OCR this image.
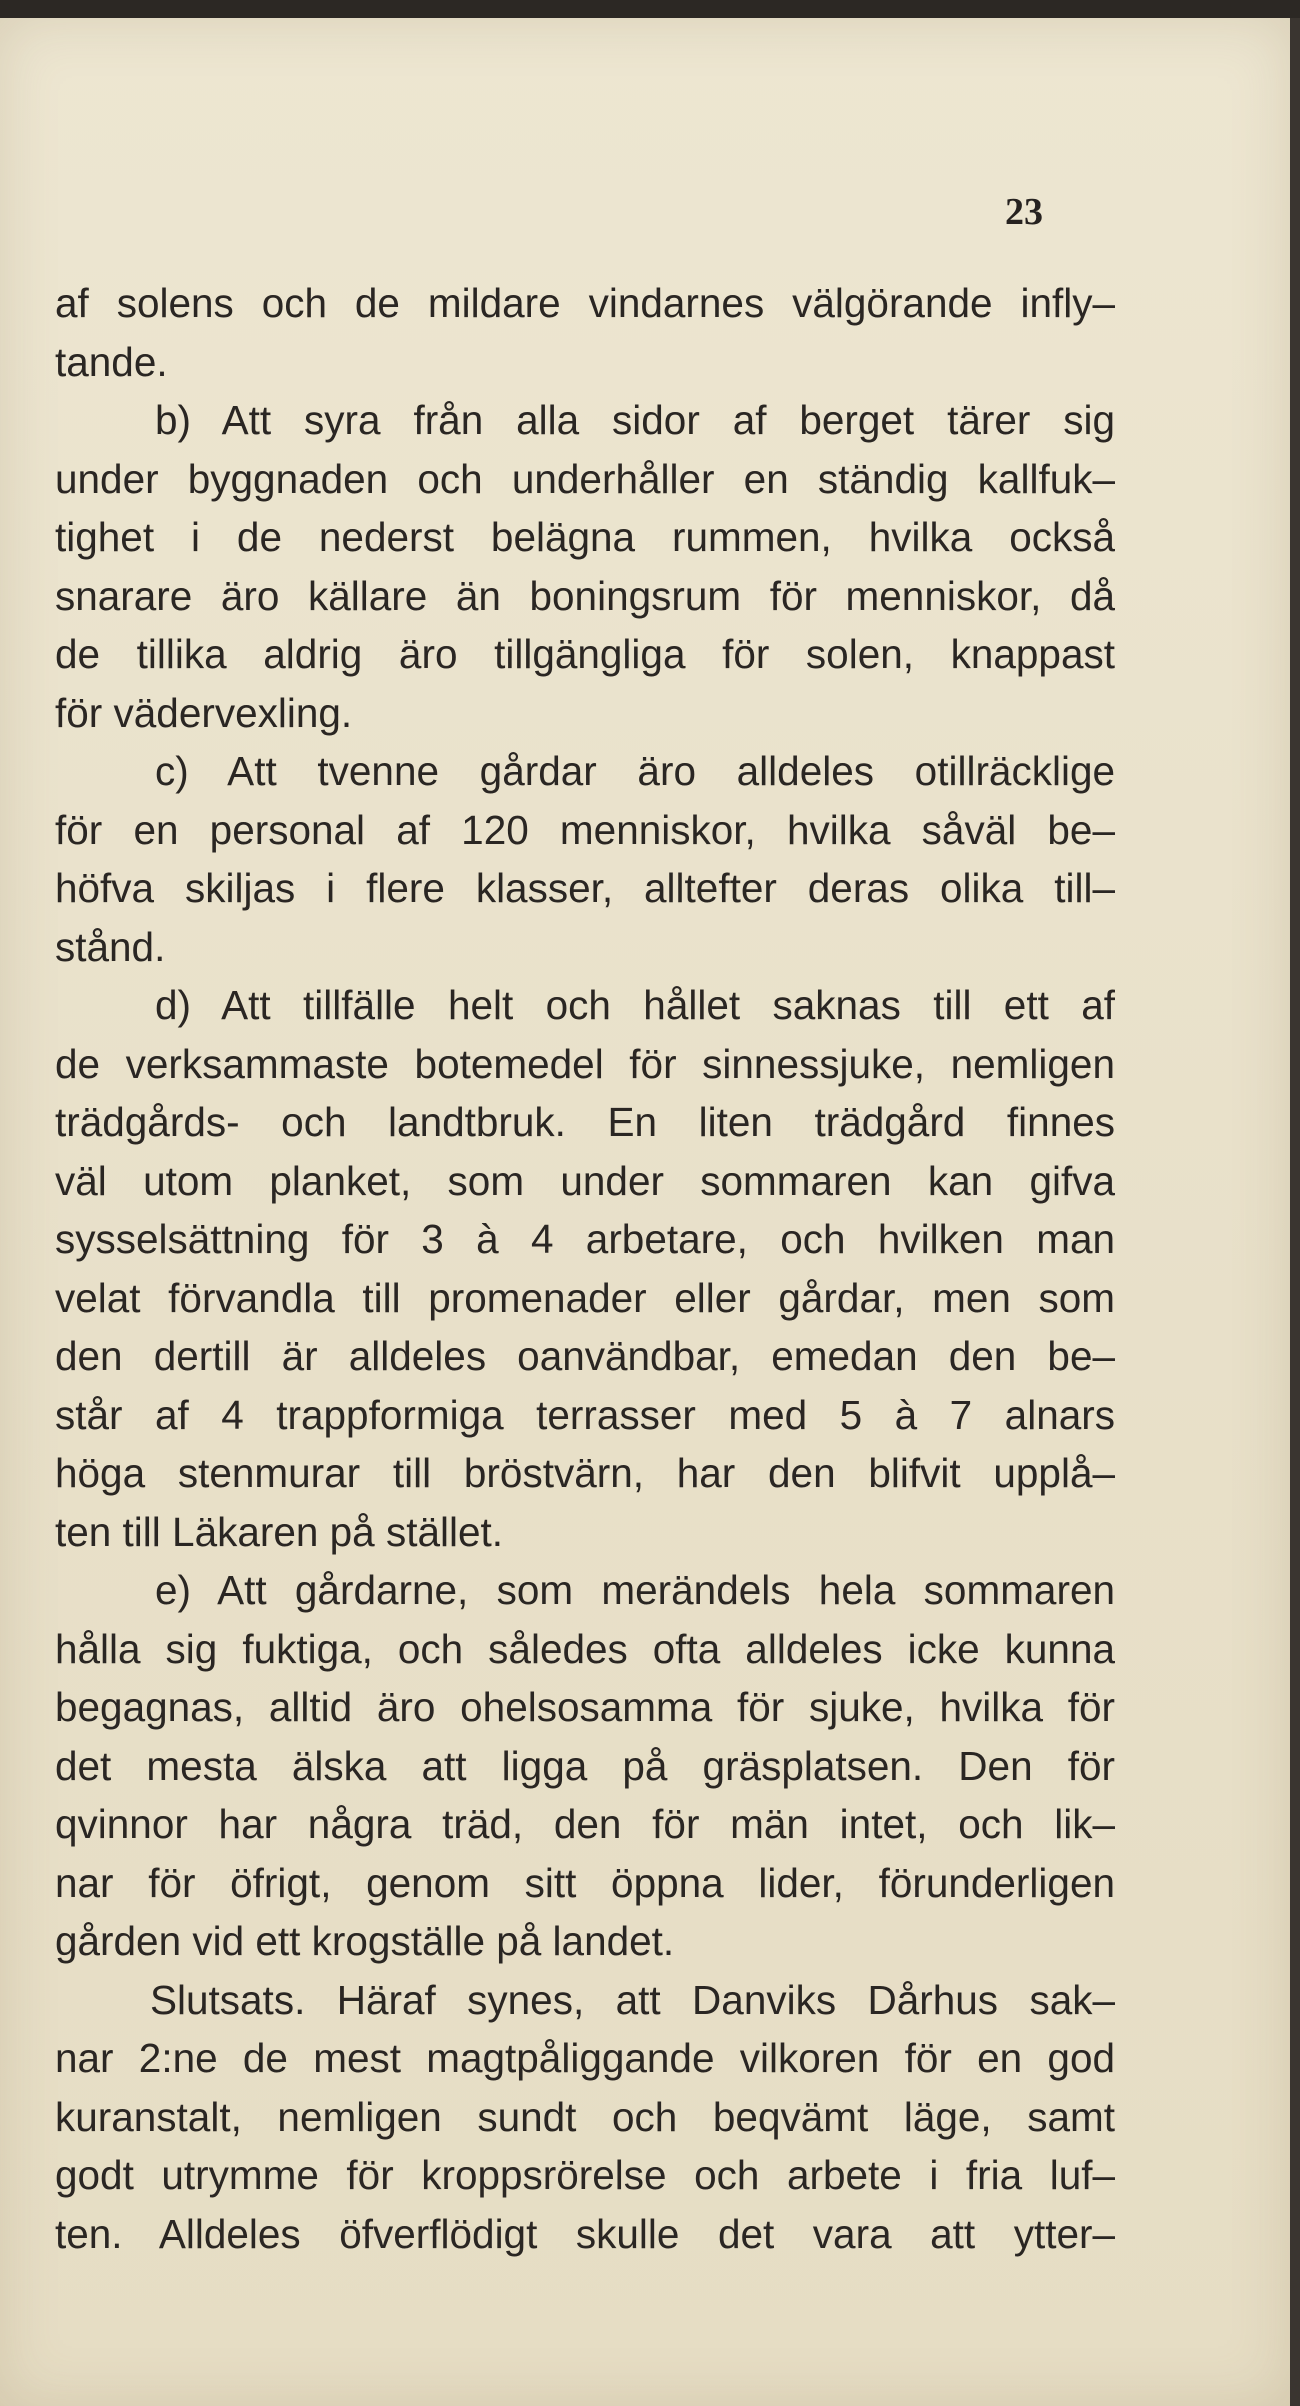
23
af solens och de mildare vindarnes välgörande infly–
tande.
b) Att syra från alla sidor af berget tärer sig
under byggnaden och underhåller en ständig kallfuk–
tighet i de nederst belägna rummen, hvilka också
snarare äro källare än boningsrum för menniskor, då
de tillika aldrig äro tillgängliga för solen, knappast
för vädervexling.
c) Att tvenne gårdar äro alldeles otillräcklige
för en personal af 120 menniskor, hvilka såväl be–
höfva skiljas i flere klasser, alltefter deras olika till–
stånd.
d) Att tillfälle helt och hållet saknas till ett af
de verksammaste botemedel för sinnessjuke, nemligen
trädgårds- och landtbruk. En liten trädgård finnes
väl utom planket, som under sommaren kan gifva
sysselsättning för 3 à 4 arbetare, och hvilken man
velat förvandla till promenader eller gårdar, men som
den dertill är alldeles oanvändbar, emedan den be–
står af 4 trappformiga terrasser med 5 à 7 alnars
höga stenmurar till bröstvärn, har den blifvit upplå–
ten till Läkaren på stället.
e) Att gårdarne, som merändels hela sommaren
hålla sig fuktiga, och således ofta alldeles icke kunna
begagnas, alltid äro ohelsosamma för sjuke, hvilka för
det mesta älska att ligga på gräsplatsen. Den för
qvinnor har några träd, den för män intet, och lik–
nar för öfrigt, genom sitt öppna lider, förunderligen
gården vid ett krogställe på landet.
Slutsats. Häraf synes, att Danviks Dårhus sak–
nar 2:ne de mest magtpåliggande vilkoren för en god
kuranstalt, nemligen sundt och beqvämt läge, samt
godt utrymme för kroppsrörelse och arbete i fria luf–
ten. Alldeles öfverflödigt skulle det vara att ytter–
